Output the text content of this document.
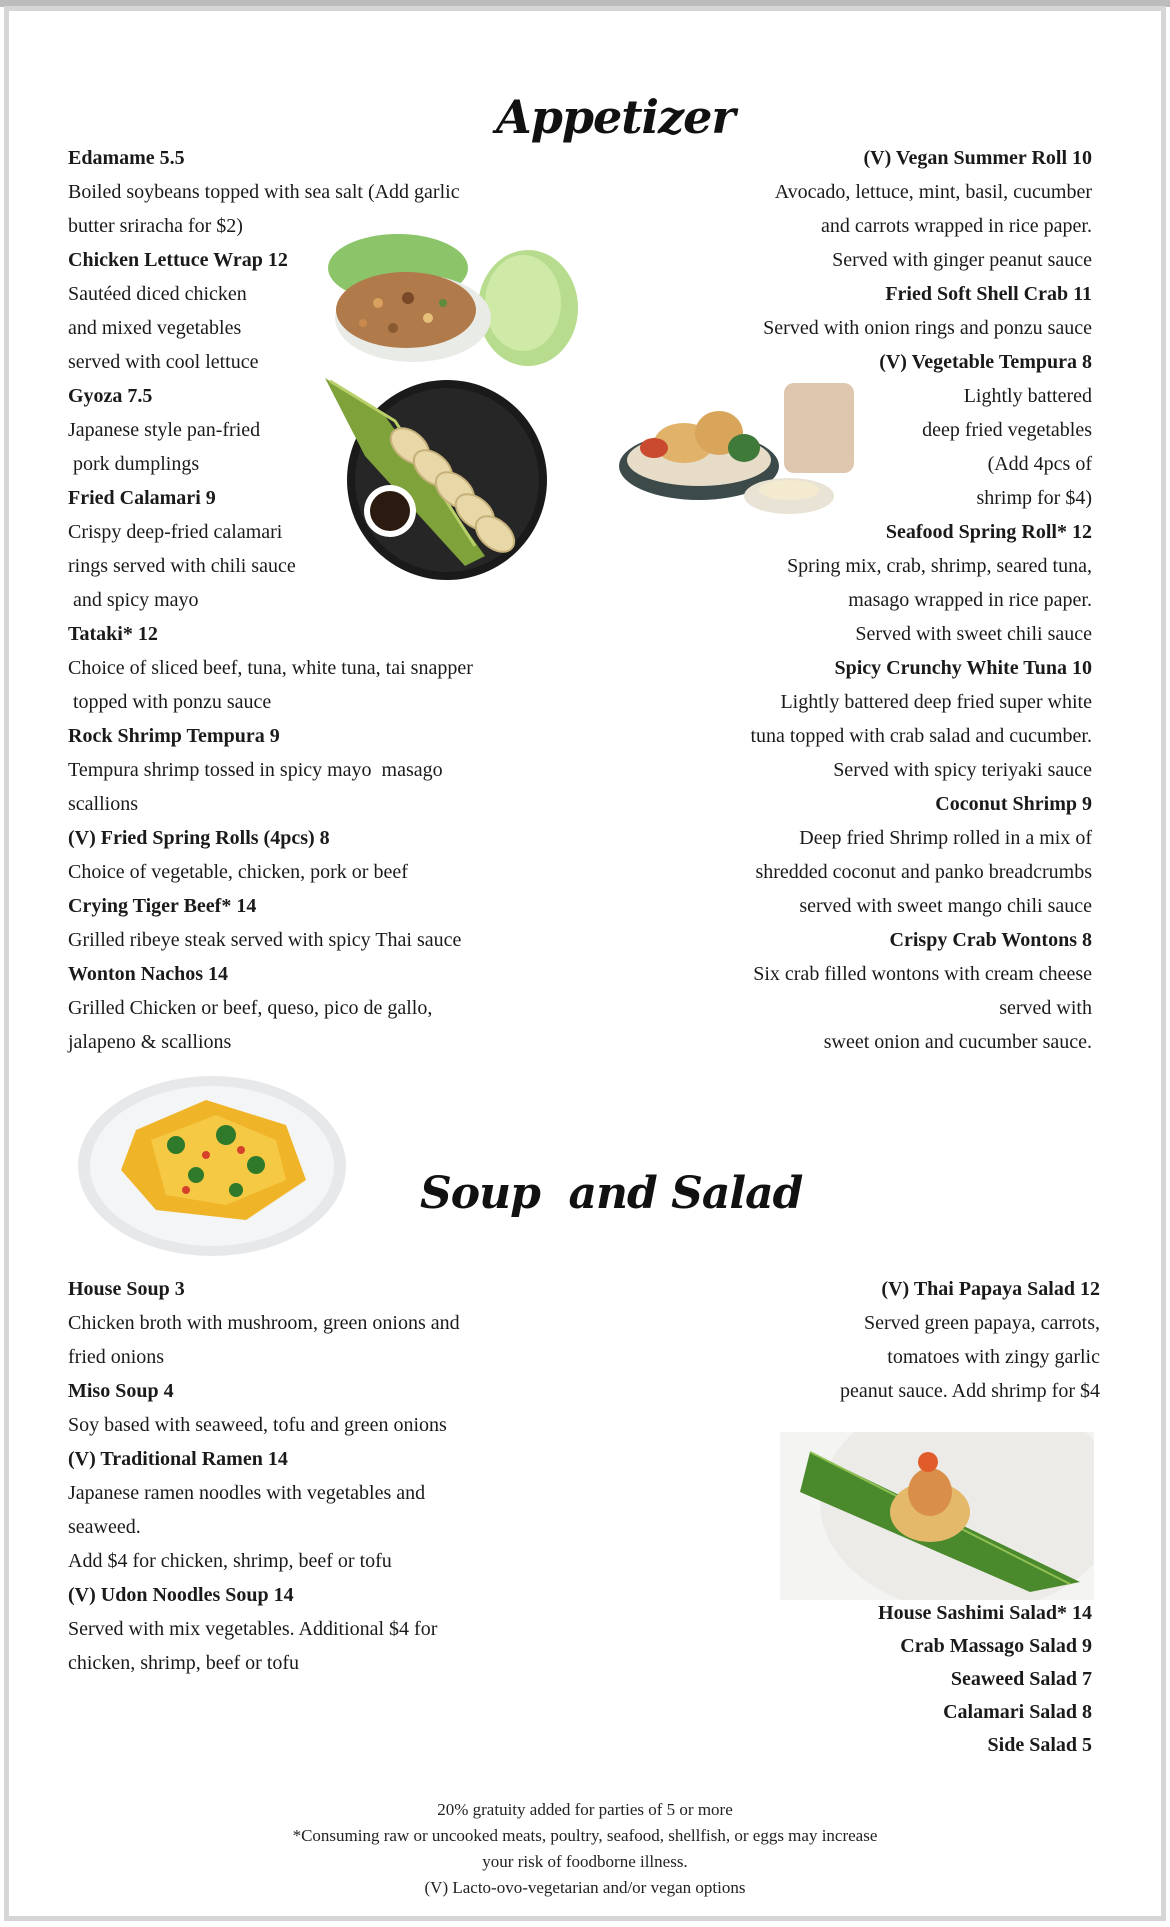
Appetizer
Edamame 5.5
Boiled soybeans topped with sea salt (Add garlic
butter sriracha for $2)
Chicken Lettuce Wrap 12
Sautéed diced chicken
and mixed vegetables
served with cool lettuce
Gyoza 7.5
Japanese style pan-fried
pork dumplings
Fried Calamari 9
Crispy deep-fried calamari
rings served with chili sauce
and spicy mayo
Tataki* 12
Choice of sliced beef, tuna, white tuna, tai snapper
topped with ponzu sauce
Rock Shrimp Tempura 9
Tempura shrimp tossed in spicy mayo  masago
scallions
(V) Fried Spring Rolls (4pcs) 8
Choice of vegetable, chicken, pork or beef
Crying Tiger Beef* 14
Grilled ribeye steak served with spicy Thai sauce
Wonton Nachos 14
Grilled Chicken or beef, queso, pico de gallo,
jalapeno & scallions
(V) Vegan Summer Roll 10
Avocado, lettuce, mint, basil, cucumber
and carrots wrapped in rice paper.
Served with ginger peanut sauce
Fried Soft Shell Crab 11
Served with onion rings and ponzu sauce
(V) Vegetable Tempura 8
Lightly battered
deep fried vegetables
(Add 4pcs of
shrimp for $4)
Seafood Spring Roll* 12
Spring mix, crab, shrimp, seared tuna,
masago wrapped in rice paper.
Served with sweet chili sauce
Spicy Crunchy White Tuna 10
Lightly battered deep fried super white
tuna topped with crab salad and cucumber.
Served with spicy teriyaki sauce
Coconut Shrimp 9
Deep fried Shrimp rolled in a mix of
shredded coconut and panko breadcrumbs
served with sweet mango chili sauce
Crispy Crab Wontons 8
Six crab filled wontons with cream cheese
served with
sweet onion and cucumber sauce.
Soup  and Salad
House Soup 3
Chicken broth with mushroom, green onions and
fried onions
Miso Soup 4
Soy based with seaweed, tofu and green onions
(V) Traditional Ramen 14
Japanese ramen noodles with vegetables and
seaweed.
Add $4 for chicken, shrimp, beef or tofu
(V) Udon Noodles Soup 14
Served with mix vegetables. Additional $4 for
chicken, shrimp, beef or tofu
(V) Thai Papaya Salad 12
Served green papaya, carrots,
tomatoes with zingy garlic
peanut sauce. Add shrimp for $4
House Sashimi Salad* 14
Crab Massago Salad 9
Seaweed Salad 7
Calamari Salad 8
Side Salad 5
20% gratuity added for parties of 5 or more
*Consuming raw or uncooked meats, poultry, seafood, shellfish, or eggs may increase
your risk of foodborne illness.
(V) Lacto-ovo-vegetarian and/or vegan options
